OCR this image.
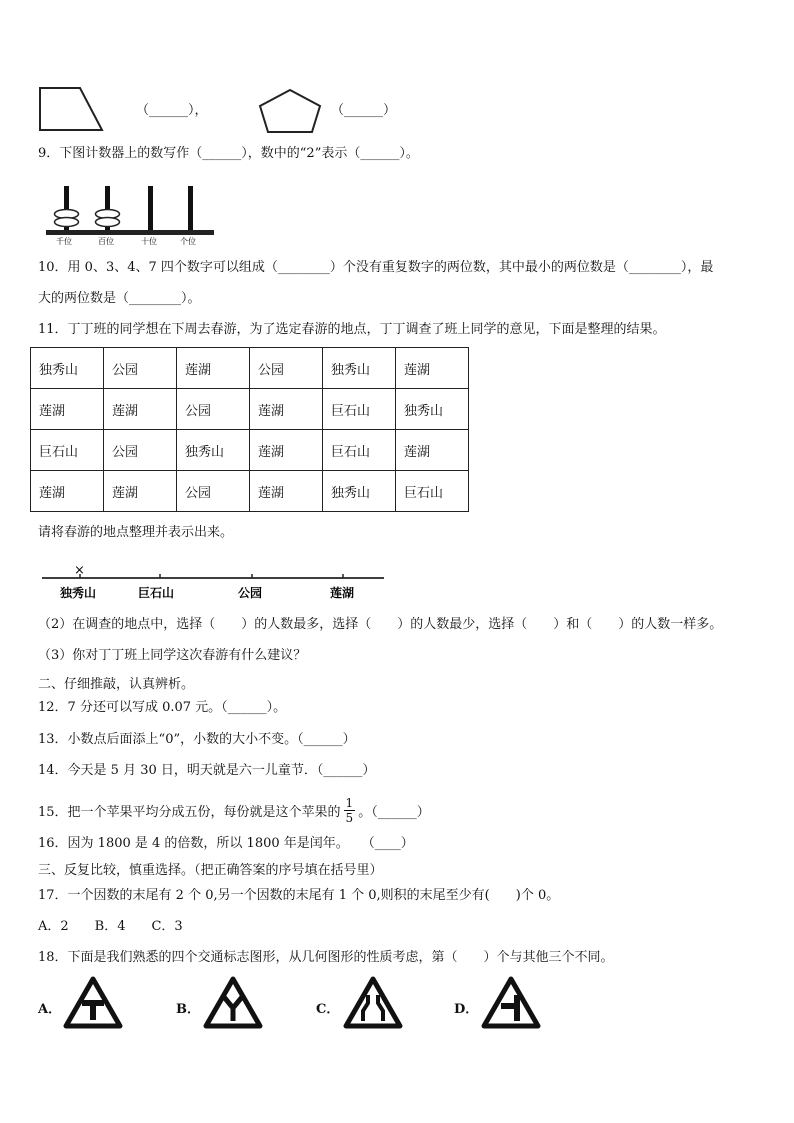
（______），	（______）
9．下图计数器上的数写作（______），数中的“2”表示（______）。
千位	百位	十位	个位
10．用 0、3、4、7 四个数字可以组成（________）个没有重复数字的两位数，其中最小的两位数是（________），最
大的两位数是（________）。
11．丁丁班的同学想在下周去春游，为了选定春游的地点，丁丁调查了班上同学的意见，下面是整理的结果。
独秀山	公园	莲湖	公园	独秀山	莲湖
莲湖	莲湖	公园	莲湖	巨石山	独秀山
巨石山	公园	独秀山	莲湖	巨石山	莲湖
莲湖	莲湖	公园	莲湖	独秀山	巨石山
请将春游的地点整理并表示出来。
×
独秀山	巨石山	公园	莲湖
（2）在调查的地点中，选择（　　）的人数最多，选择（　　）的人数最少，选择（　　）和（　　）的人数一样多。
（3）你对丁丁班上同学这次春游有什么建议？
二、仔细推敲，认真辨析。
12．7 分还可以写成 0.07 元。（______）。
13．小数点后面添上“0”，小数的大小不变。（______）
14．今天是 5 月 30 日，明天就是六一儿童节．（______）
15．把一个苹果平均分成五份，每份就是这个苹果的 $\frac{1}{5}$ 。（______）
16．因为 1800 是 4 的倍数，所以 1800 年是闰年。　　（____）
三、反复比较，慎重选择。（把正确答案的序号填在括号里）
17．一个因数的末尾有 2 个 0,另一个因数的末尾有 1 个 0,则积的末尾至少有(　　)个 0。
A．2　　B．4　　C．3
18．下面是我们熟悉的四个交通标志图形，从几何图形的性质考虑，第（　　）个与其他三个不同。
A．	B．	C．	D．
